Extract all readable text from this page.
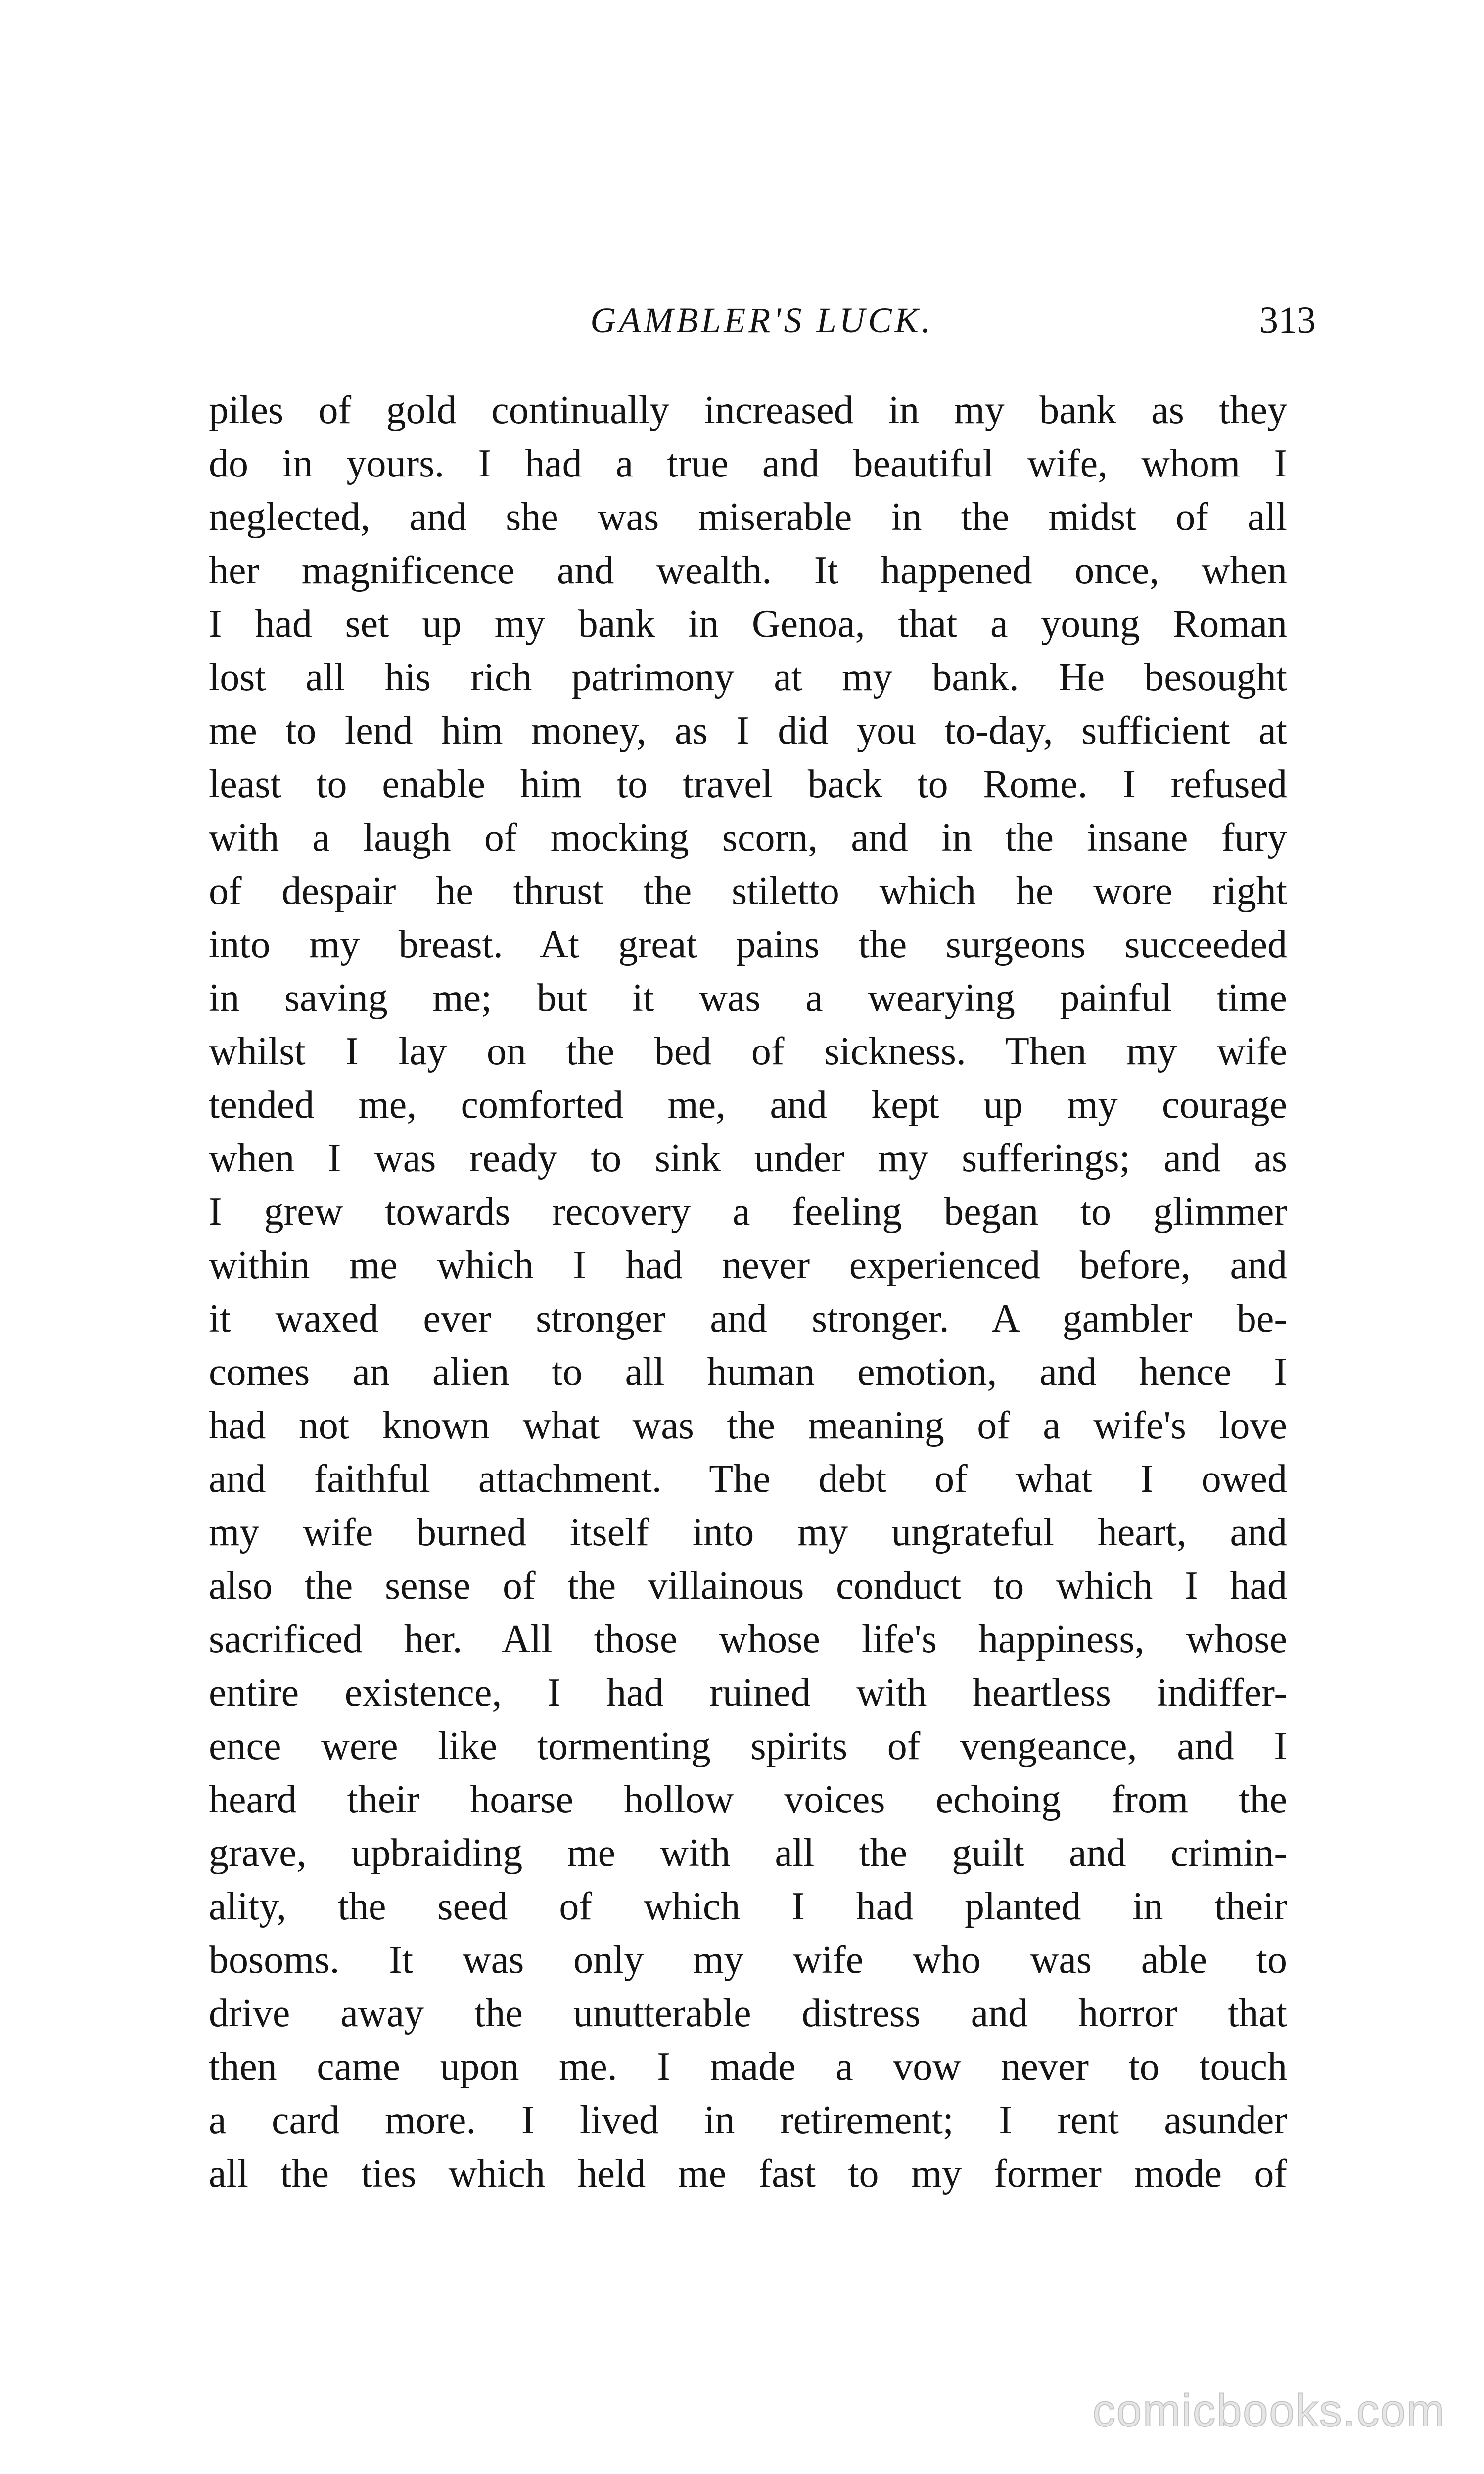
GAMBLER'S LUCK.	313
piles of gold continually increased in my bank as they
do in yours. I had a true and beautiful wife, whom I
neglected, and she was miserable in the midst of all
her magnificence and wealth. It happened once, when
I had set up my bank in Genoa, that a young Roman
lost all his rich patrimony at my bank. He besought
me to lend him money, as I did you to-day, sufficient at
least to enable him to travel back to Rome. I refused
with a laugh of mocking scorn, and in the insane fury
of despair he thrust the stiletto which he wore right
into my breast. At great pains the surgeons succeeded
in saving me; but it was a wearying painful time
whilst I lay on the bed of sickness. Then my wife
tended me, comforted me, and kept up my courage
when I was ready to sink under my sufferings; and as
I grew towards recovery a feeling began to glimmer
within me which I had never experienced before, and
it waxed ever stronger and stronger. A gambler be-
comes an alien to all human emotion, and hence I
had not known what was the meaning of a wife's love
and faithful attachment. The debt of what I owed
my wife burned itself into my ungrateful heart, and
also the sense of the villainous conduct to which I had
sacrificed her. All those whose life's happiness, whose
entire existence, I had ruined with heartless indiffer-
ence were like tormenting spirits of vengeance, and I
heard their hoarse hollow voices echoing from the
grave, upbraiding me with all the guilt and crimin-
ality, the seed of which I had planted in their
bosoms. It was only my wife who was able to
drive away the unutterable distress and horror that
then came upon me. I made a vow never to touch
a card more. I lived in retirement; I rent asunder
all the ties which held me fast to my former mode of
comicbooks.com
